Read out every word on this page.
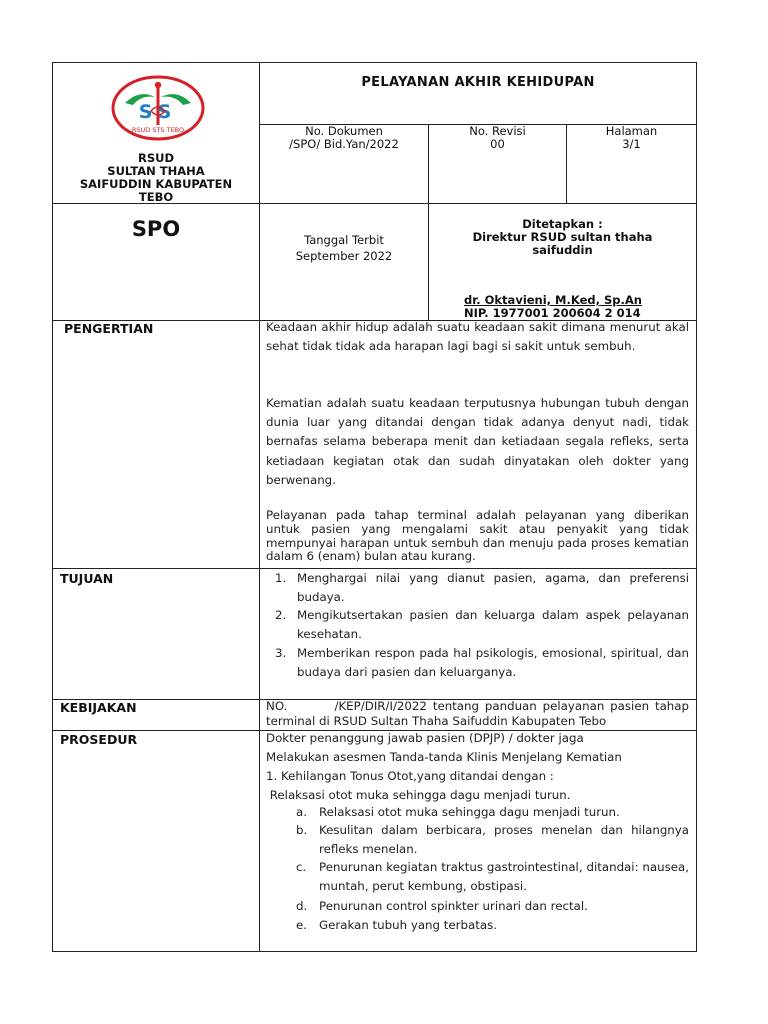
SS
RSUD STS TEBO
RSUD
SULTAN THAHA
SAIFUDDIN KABUPATEN
TEBO
PELAYANAN AKHIR KEHIDUPAN
No. Dokumen
/SPO/ Bid.Yan/2022
No. Revisi
00
Halaman
3/1
SPO	Tanggal Terbit
September 2022
Ditetapkan :
Direktur RSUD sultan thaha
saifuddin
dr. Oktavieni, M.Ked, Sp.An
NIP. 1977001 200604 2 014
PENGERTIAN	Keadaan akhir hidup adalah suatu keadaan sakit dimana menurut akal sehat tidak tidak ada harapan lagi bagi si sakit untuk sembuh.
Kematian adalah suatu keadaan terputusnya hubungan tubuh dengan dunia luar yang ditandai dengan tidak adanya denyut nadi, tidak bernafas selama beberapa menit dan ketiadaan segala refleks, serta ketiadaan kegiatan otak dan sudah dinyatakan oleh dokter yang berwenang.
Pelayanan pada tahap terminal adalah pelayanan yang diberikan untuk pasien yang mengalami sakit atau penyakit yang tidak mempunyai harapan untuk sembuh dan menuju pada proses kematian dalam 6 (enam) bulan atau kurang.
TUJUAN	1. Menghargai nilai yang dianut pasien, agama, dan preferensi budaya.
2. Mengikutsertakan pasien dan keluarga dalam aspek pelayanan kesehatan.
3. Memberikan respon pada hal psikologis, emosional, spiritual, dan budaya dari pasien dan keluarganya.
KEBIJAKAN	NO.        /KEP/DIR/I/2022 tentang panduan pelayanan pasien tahap terminal di RSUD Sultan Thaha Saifuddin Kabupaten Tebo
PROSEDUR	Dokter penanggung jawab pasien (DPJP) / dokter jaga
Melakukan asesmen Tanda-tanda Klinis Menjelang Kematian
1. Kehilangan Tonus Otot,yang ditandai dengan :
Relaksasi otot muka sehingga dagu menjadi turun.
a. Relaksasi otot muka sehingga dagu menjadi turun.
b. Kesulitan dalam berbicara, proses menelan dan hilangnya refleks menelan.
c. Penurunan kegiatan traktus gastrointestinal, ditandai: nausea, muntah, perut kembung, obstipasi.
d. Penurunan control spinkter urinari dan rectal.
e. Gerakan tubuh yang terbatas.
